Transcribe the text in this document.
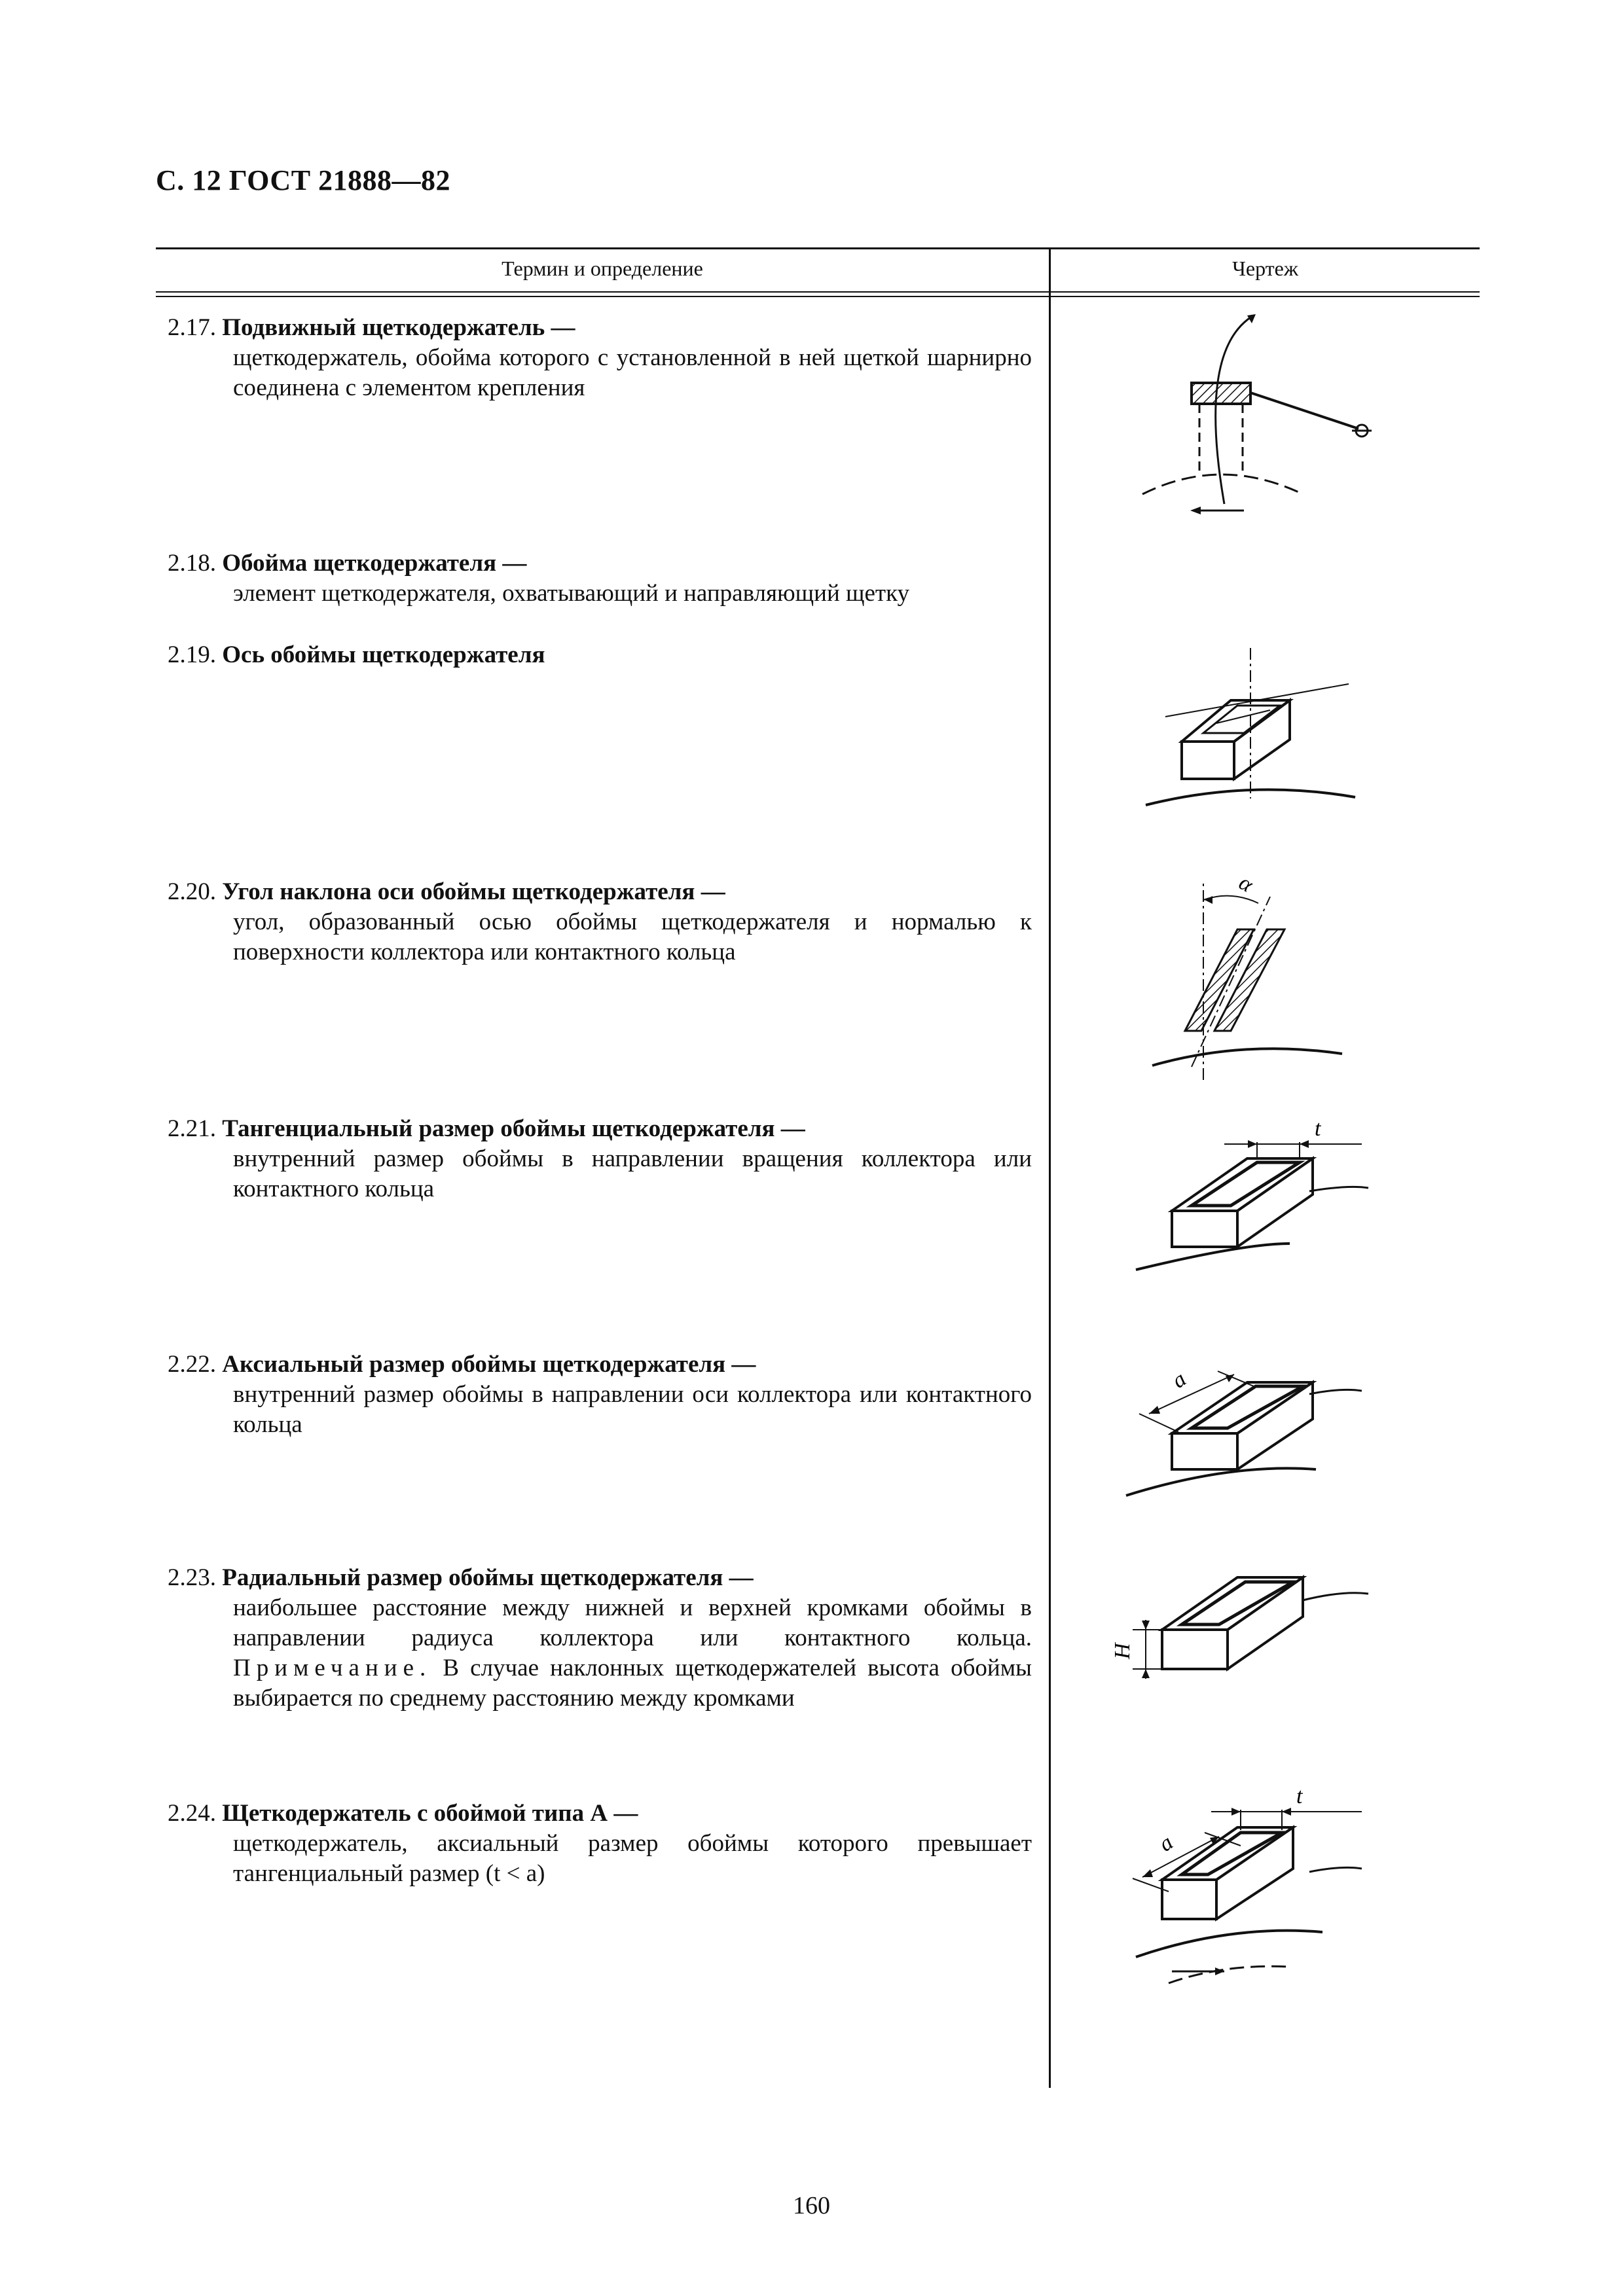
С. 12 ГОСТ 21888—82
Термин и определение	Чертеж
2.17. Подвижный щеткодержатель —
щеткодержатель, обойма которого с установленной в ней щеткой шарнирно соединена с элементом крепления
2.18. Обойма щеткодержателя —
элемент щеткодержателя, охватывающий и направляющий щетку
2.19. Ось обоймы щеткодержателя
2.20. Угол наклона оси обоймы щеткодержателя —
угол, образованный осью обоймы щеткодержателя и нормалью к поверхности коллектора или контактного кольца
2.21. Тангенциальный размер обоймы щеткодержателя —
внутренний размер обоймы в направлении вращения коллектора или контактного кольца
2.22. Аксиальный размер обоймы щеткодержателя —
внутренний размер обоймы в направлении оси коллектора или контактного кольца
2.23. Радиальный размер обоймы щеткодержателя —
наибольшее расстояние между нижней и верхней кромками обоймы в направлении радиуса коллектора или контактного кольца. Примечание. В случае наклонных щеткодержателей высота обоймы выбирается по среднему расстоянию между кромками
2.24. Щеткодержатель с обоймой типа А —
щеткодержатель, аксиальный размер обоймы которого превышает тангенциальный размер (t < a)
α
t
a
H
t
a
160
